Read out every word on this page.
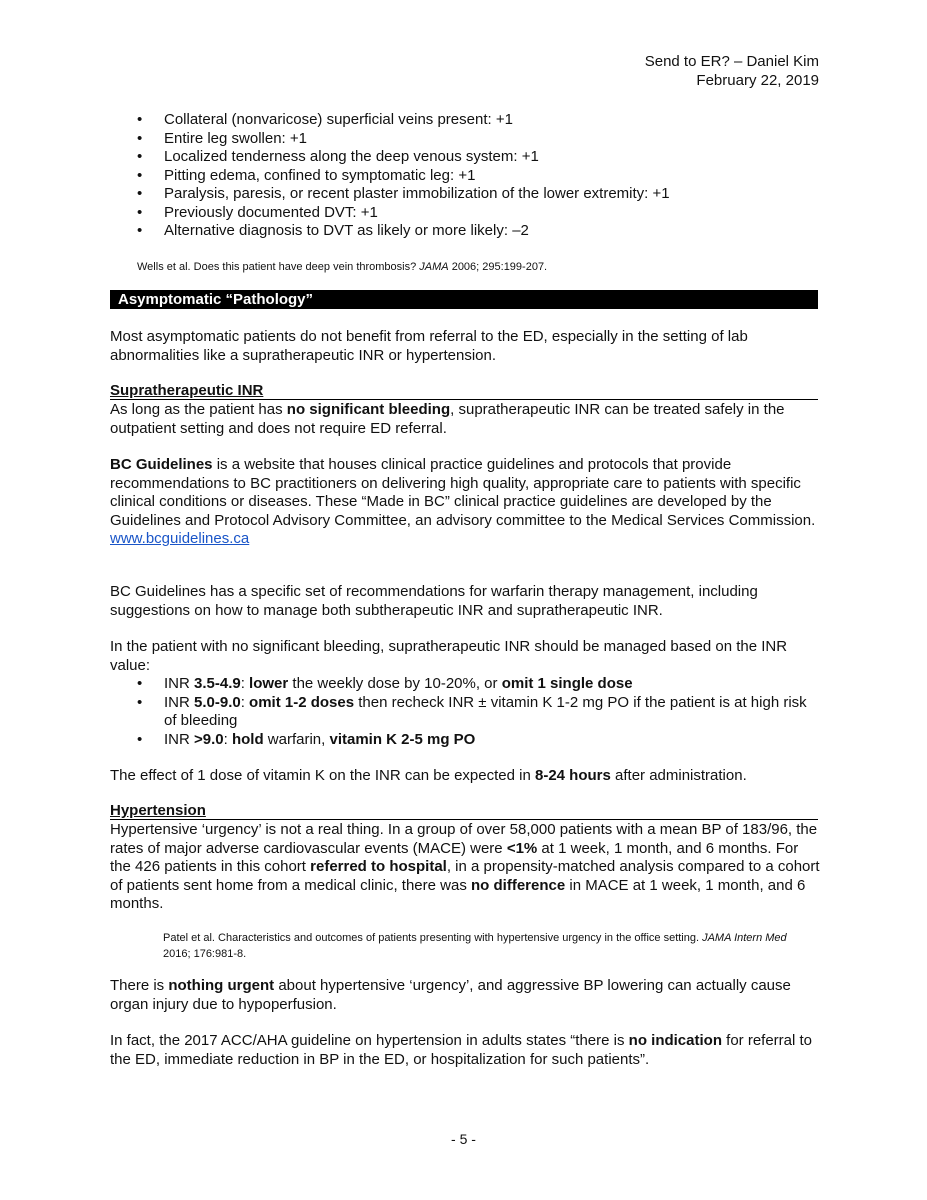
Send to ER? – Daniel Kim
February 22, 2019
• Collateral (nonvaricose) superficial veins present: +1
• Entire leg swollen: +1
• Localized tenderness along the deep venous system: +1
• Pitting edema, confined to symptomatic leg: +1
• Paralysis, paresis, or recent plaster immobilization of the lower extremity: +1
• Previously documented DVT: +1
• Alternative diagnosis to DVT as likely or more likely: –2
Wells et al. Does this patient have deep vein thrombosis? JAMA 2006; 295:199-207.
Asymptomatic “Pathology”
Most asymptomatic patients do not benefit from referral to the ED, especially in the setting of lab abnormalities like a supratherapeutic INR or hypertension.
Supratherapeutic INR
As long as the patient has no significant bleeding, supratherapeutic INR can be treated safely in the outpatient setting and does not require ED referral.
BC Guidelines is a website that houses clinical practice guidelines and protocols that provide recommendations to BC practitioners on delivering high quality, appropriate care to patients with specific clinical conditions or diseases. These “Made in BC” clinical practice guidelines are developed by the Guidelines and Protocol Advisory Committee, an advisory committee to the Medical Services Commission.
www.bcguidelines.ca
BC Guidelines has a specific set of recommendations for warfarin therapy management, including suggestions on how to manage both subtherapeutic INR and supratherapeutic INR.
In the patient with no significant bleeding, supratherapeutic INR should be managed based on the INR value:
• INR 3.5-4.9: lower the weekly dose by 10-20%, or omit 1 single dose
• INR 5.0-9.0: omit 1-2 doses then recheck INR ± vitamin K 1-2 mg PO if the patient is at high risk of bleeding
• INR >9.0: hold warfarin, vitamin K 2-5 mg PO
The effect of 1 dose of vitamin K on the INR can be expected in 8-24 hours after administration.
Hypertension
Hypertensive ‘urgency’ is not a real thing. In a group of over 58,000 patients with a mean BP of 183/96, the rates of major adverse cardiovascular events (MACE) were <1% at 1 week, 1 month, and 6 months. For the 426 patients in this cohort referred to hospital, in a propensity-matched analysis compared to a cohort of patients sent home from a medical clinic, there was no difference in MACE at 1 week, 1 month, and 6 months.
Patel et al. Characteristics and outcomes of patients presenting with hypertensive urgency in the office setting. JAMA Intern Med 2016; 176:981-8.
There is nothing urgent about hypertensive ‘urgency’, and aggressive BP lowering can actually cause organ injury due to hypoperfusion.
In fact, the 2017 ACC/AHA guideline on hypertension in adults states “there is no indication for referral to the ED, immediate reduction in BP in the ED, or hospitalization for such patients”.
- 5 -
